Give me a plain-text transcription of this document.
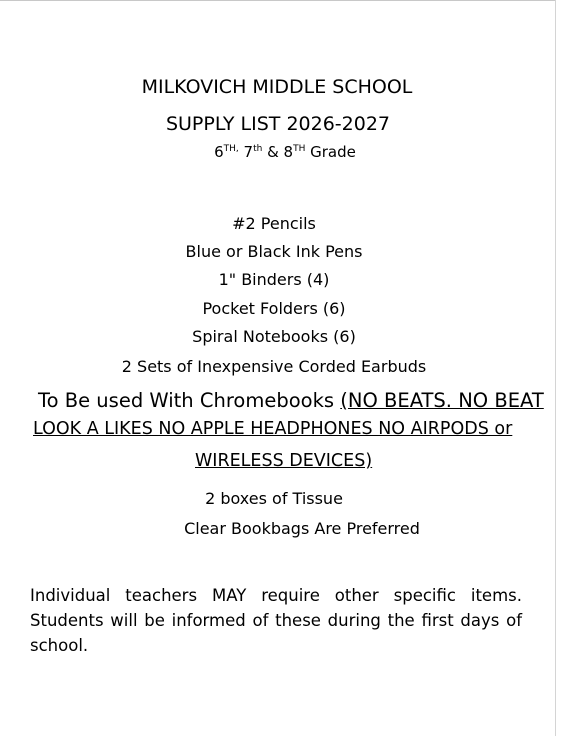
MILKOVICH MIDDLE SCHOOL
SUPPLY LIST 2026-2027
$6^{TH,}$ 7th & 8TH Grade
#2 Pencils
Blue or Black Ink Pens
1" Binders (4)
Pocket Folders (6)
Spiral Notebooks (6)
2 Sets of Inexpensive Corded Earbuds
To Be used With Chromebooks (NO BEATS. NO BEAT
LOOK A LIKES NO APPLE HEADPHONES NO AIRPODS or
WIRELESS DEVICES)
2 boxes of Tissue
Clear Bookbags Are Preferred
Individual teachers MAY require other specific items. Students will be informed of these during the first days of school.
